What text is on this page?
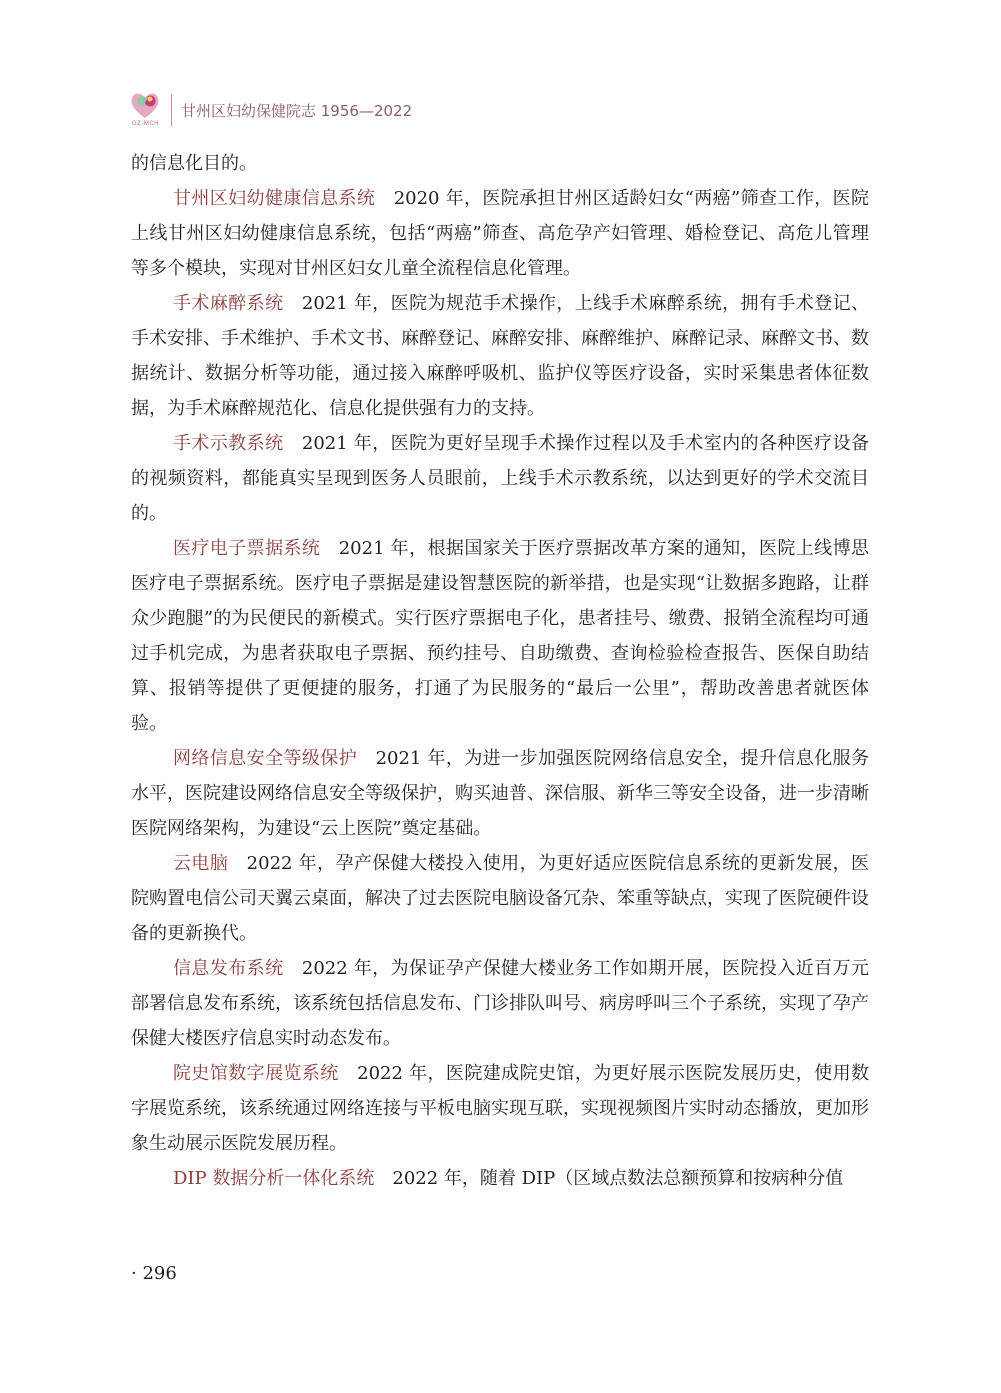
GZ·MCH
甘州区妇幼保健院志 1956—2022

的信息化目的。

甘州区妇幼健康信息系统　 2020 年，医院承担甘州区适龄妇女“两癌”筛查工作，医院上线甘州区妇幼健康信息系统，包括“两癌”筛查、高危孕产妇管理、婚检登记、高危儿管理等多个模块，实现对甘州区妇女儿童全流程信息化管理。

手术麻醉系统　 2021 年，医院为规范手术操作，上线手术麻醉系统，拥有手术登记、手术安排、手术维护、手术文书、麻醉登记、麻醉安排、麻醉维护、麻醉记录、麻醉文书、数据统计、数据分析等功能，通过接入麻醉呼吸机、监护仪等医疗设备，实时采集患者体征数据，为手术麻醉规范化、信息化提供强有力的支持。

手术示教系统　 2021 年，医院为更好呈现手术操作过程以及手术室内的各种医疗设备的视频资料，都能真实呈现到医务人员眼前，上线手术示教系统，以达到更好的学术交流目的。

医疗电子票据系统　 2021 年，根据国家关于医疗票据改革方案的通知，医院上线博思医疗电子票据系统。医疗电子票据是建设智慧医院的新举措，也是实现“让数据多跑路，让群众少跑腿”的为民便民的新模式。实行医疗票据电子化，患者挂号、缴费、报销全流程均可通过手机完成，为患者获取电子票据、预约挂号、自助缴费、查询检验检查报告、医保自助结算、报销等提供了更便捷的服务，打通了为民服务的“最后一公里”，帮助改善患者就医体验。

网络信息安全等级保护　 2021 年，为进一步加强医院网络信息安全，提升信息化服务水平，医院建设网络信息安全等级保护，购买迪普、深信服、新华三等安全设备，进一步清晰医院网络架构，为建设“云上医院”奠定基础。

云电脑　 2022 年，孕产保健大楼投入使用，为更好适应医院信息系统的更新发展，医院购置电信公司天翼云桌面，解决了过去医院电脑设备冗杂、笨重等缺点，实现了医院硬件设备的更新换代。

信息发布系统　 2022 年，为保证孕产保健大楼业务工作如期开展，医院投入近百万元部署信息发布系统，该系统包括信息发布、门诊排队叫号、病房呼叫三个子系统，实现了孕产保健大楼医疗信息实时动态发布。

院史馆数字展览系统　 2022 年，医院建成院史馆，为更好展示医院发展历史，使用数字展览系统，该系统通过网络连接与平板电脑实现互联，实现视频图片实时动态播放，更加形象生动展示医院发展历程。

DIP 数据分析一体化系统　 2022 年，随着 DIP（区域点数法总额预算和按病种分值

· 296
